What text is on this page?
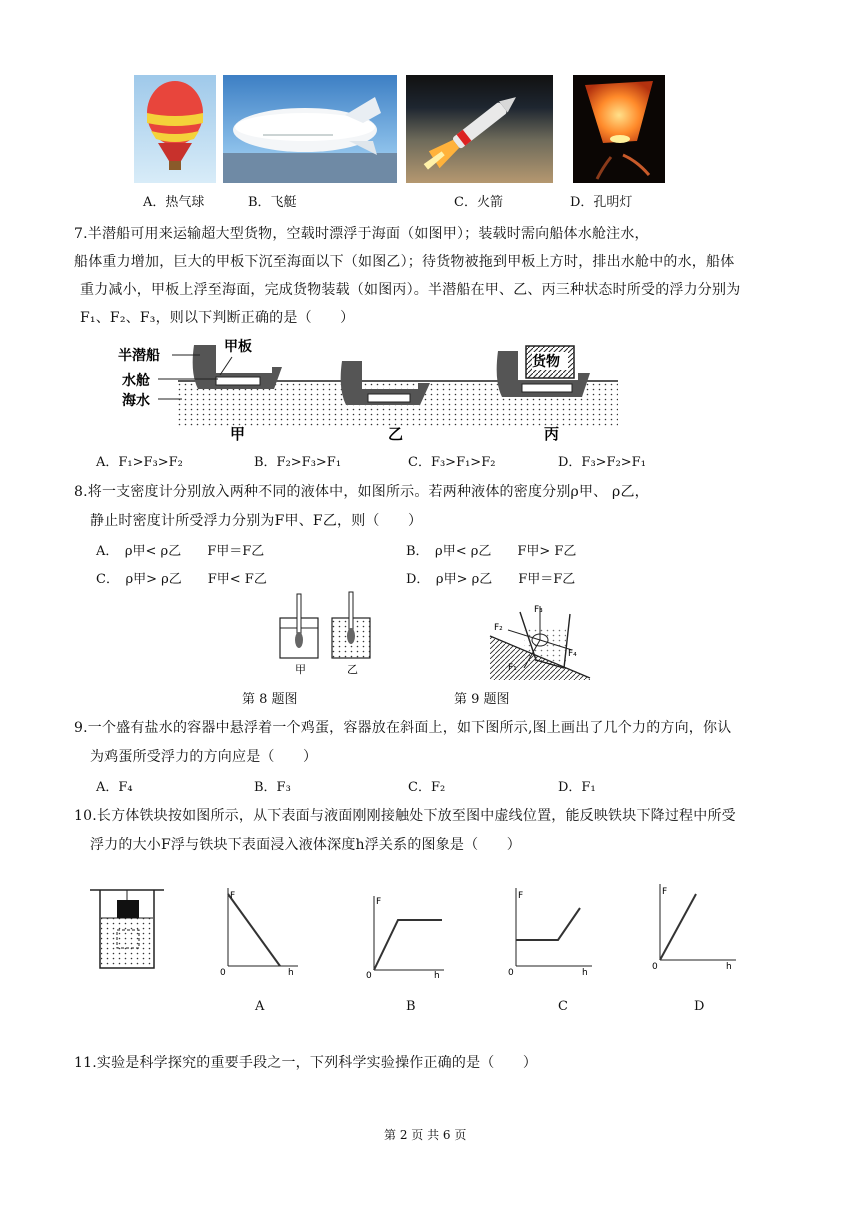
A．热气球	B．飞艇	C．火箭	D．孔明灯
7.半潜船可用来运输超大型货物，空载时漂浮于海面（如图甲）；装载时需向船体水舱注水，
船体重力增加，巨大的甲板下沉至海面以下（如图乙）；待货物被拖到甲板上方时，排出水舱中的水，船体
重力减小，甲板上浮至海面，完成货物装载（如图丙）。半潜船在甲、乙、丙三种状态时所受的浮力分别为
F₁、F₂、F₃，则以下判断正确的是（　　）
半潜船
甲板
水舱
海水
货物
甲	乙	丙
A．F₁>F₃>F₂	B．F₂>F₃>F₁	C．F₃>F₁>F₂	D．F₃>F₂>F₁
8.将一支密度计分别放入两种不同的液体中，如图所示。若两种液体的密度分别ρ甲、 ρ乙，
静止时密度计所受浮力分别为F甲、F乙，则（　　）
A．　ρ甲< ρ乙　　F甲＝F乙	B．　ρ甲< ρ乙　　F甲> F乙
C．　ρ甲> ρ乙　　F甲< F乙	D．　ρ甲> ρ乙　　F甲＝F乙
甲	乙
第 8 题图
F₃
F₂
F₄
F₁
第 9 题图
9.一个盛有盐水的容器中悬浮着一个鸡蛋，容器放在斜面上，如下图所示,图上画出了几个力的方向，你认
为鸡蛋所受浮力的方向应是（　　）
A．F₄	B．F₃	C．F₂	D．F₁
10.长方体铁块按如图所示，从下表面与液面刚刚接触处下放至图中虚线位置，能反映铁块下降过程中所受
浮力的大小F浮与铁块下表面浸入液体深度h浮关系的图象是（　　）
F
h
0
F
h
0
F
h
0
F
h
0
A	B	C	D
11.实验是科学探究的重要手段之一，下列科学实验操作正确的是（　　）
第 2 页 共 6 页
